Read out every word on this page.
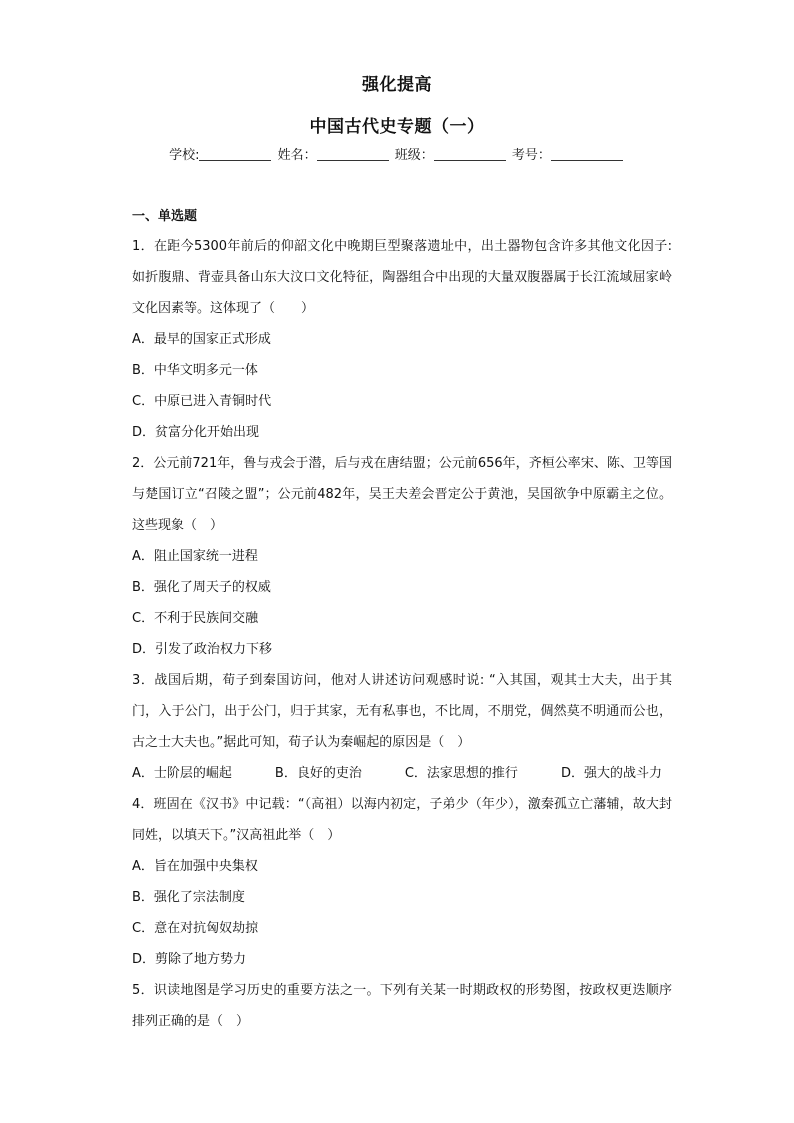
强化提高
中国古代史专题（一）
学校:	姓名：	班级：	考号：
一、单选题
1．在距今5300年前后的仰韶文化中晚期巨型聚落遗址中，出土器物包含许多其他文化因子: 如折腹鼎、背壶具备山东大汶口文化特征，陶器组合中出现的大量双腹器属于长江流域屈家岭文化因素等。这体现了（　　）
A．最早的国家正式形成
B．中华文明多元一体
C．中原已进入青铜时代
D．贫富分化开始出现
2．公元前721年，鲁与戎会于潜，后与戎在唐结盟；公元前656年，齐桓公率宋、陈、卫等国与楚国订立“召陵之盟”；公元前482年，吴王夫差会晋定公于黄池，吴国欲争中原霸主之位。这些现象（　）
A．阻止国家统一进程
B．强化了周天子的权威
C．不利于民族间交融
D．引发了政治权力下移
3．战国后期，荀子到秦国访问，他对人讲述访问观感时说: “入其国，观其士大夫，出于其门，入于公门，出于公门，归于其家，无有私事也，不比周，不朋党，倜然莫不明通而公也，古之士大夫也。”据此可知，荀子认为秦崛起的原因是（　）
A．士阶层的崛起	B．良好的吏治	C．法家思想的推行	D．强大的战斗力
4．班固在《汉书》中记载：“（高祖）以海内初定，子弟少（年少），激秦孤立亡藩辅，故大封同姓，以填天下。”汉高祖此举（　）
A．旨在加强中央集权
B．强化了宗法制度
C．意在对抗匈奴劫掠
D．剪除了地方势力
5．识读地图是学习历史的重要方法之一。下列有关某一时期政权的形势图，按政权更迭顺序排列正确的是（　）
